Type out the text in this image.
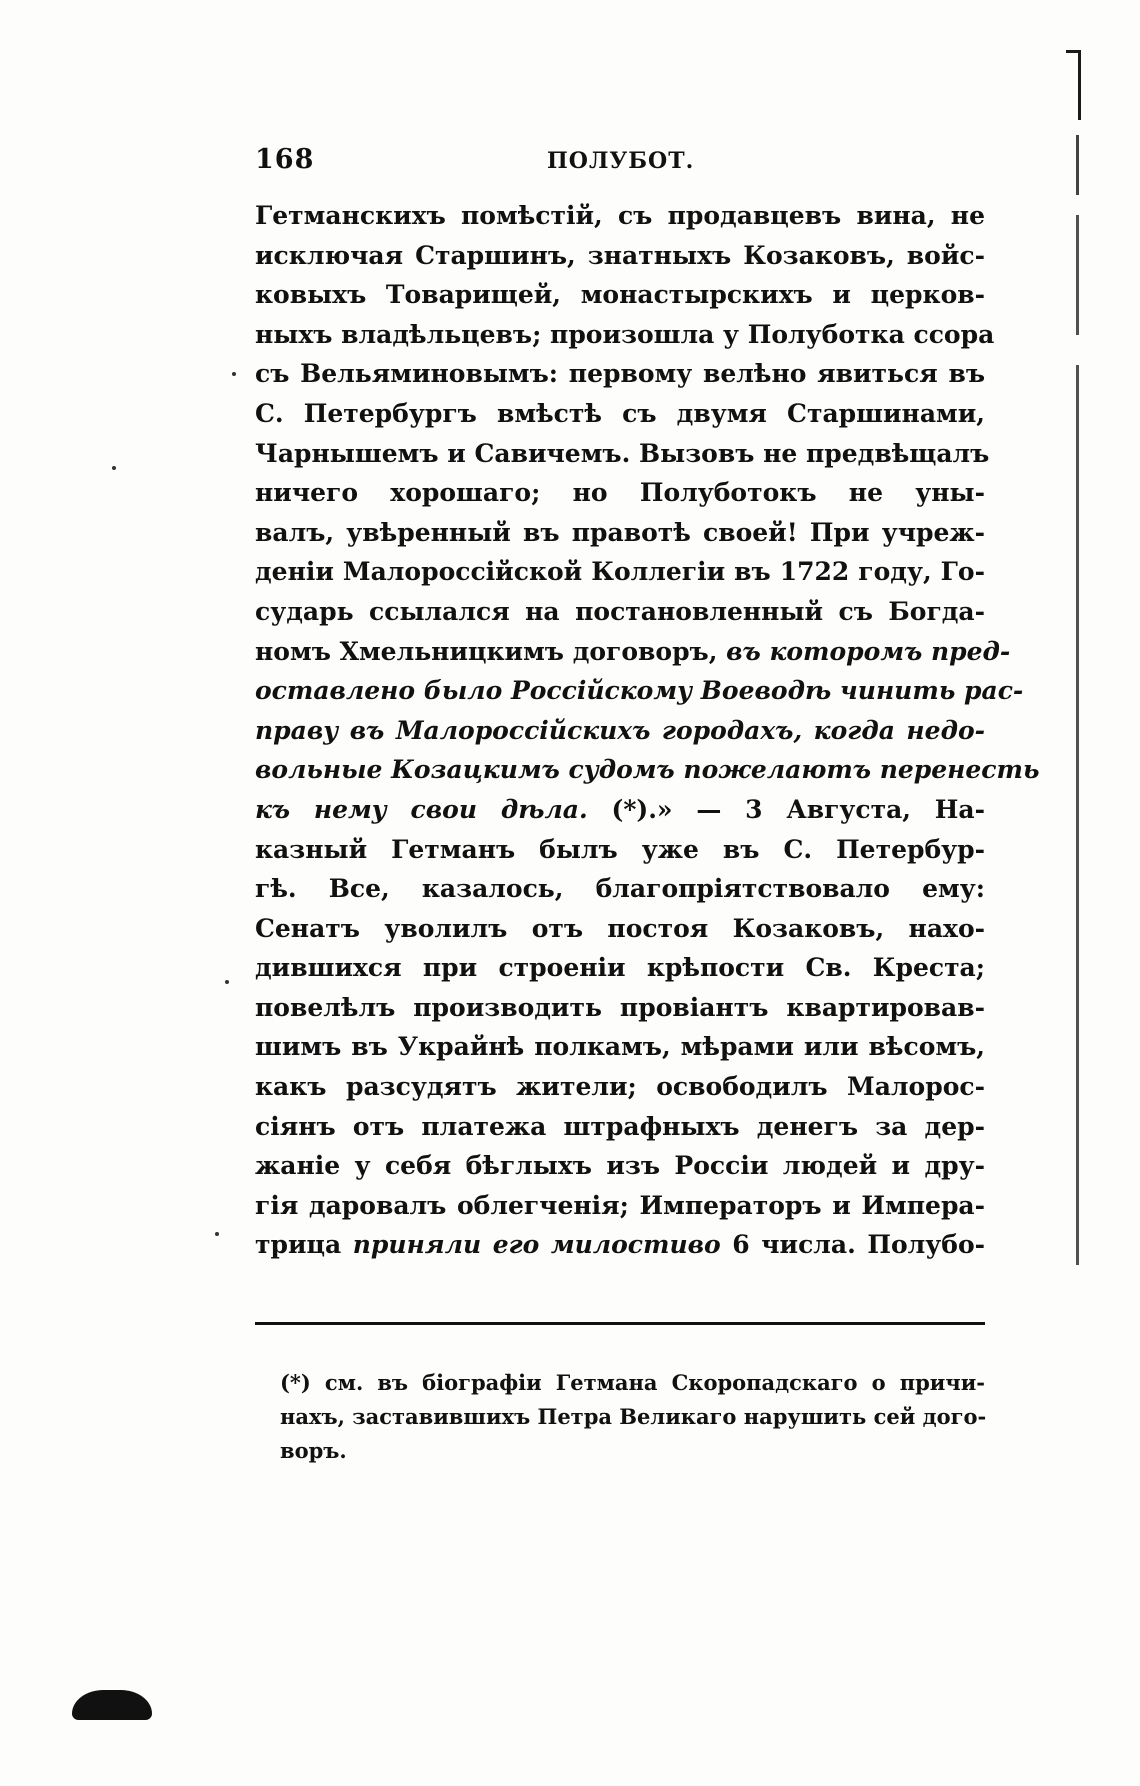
168	ПОЛУБОТ.
Гетманскихъ помѣстій, съ продавцевъ вина, не
исключая Старшинъ, знатныхъ Козаковъ, войс-
ковыхъ Товарищей, монастырскихъ и церков-
ныхъ владѣльцевъ; произошла у Полуботка ссора
съ Вельяминовымъ: первому велѣно явиться въ
С. Петербургъ вмѣстѣ съ двумя Старшинами,
Чарнышемъ и Савичемъ. Вызовъ не предвѣщалъ
ничего хорошаго; но Полуботокъ не уны-
валъ, увѣренный въ правотѣ своей! При учреж-
деніи Малороссійской Коллегіи въ 1722 году, Го-
сударь ссылался на постановленный съ Богда-
номъ Хмельницкимъ договоръ, въ которомъ пред-
оставлено было Россійскому Воеводѣ чинить рас-
праву въ Малороссійскихъ городахъ, когда недо-
вольные Козацкимъ судомъ пожелаютъ перенесть
къ нему свои дѣла. (*).» — 3 Августа, На-
казный Гетманъ былъ уже въ С. Петербур-
гѣ. Все, казалось, благопріятствовало ему:
Сенатъ уволилъ отъ постоя Козаковъ, нахо-
дившихся при строеніи крѣпости Св. Креста;
повелѣлъ производить провіантъ квартировав-
шимъ въ Украйнѣ полкамъ, мѣрами или вѣсомъ,
какъ разсудятъ жители; освободилъ Малорос-
сіянъ отъ платежа штрафныхъ денегъ за дер-
жаніе у себя бѣглыхъ изъ Россіи людей и дру-
гія даровалъ облегченія; Императоръ и Импера-
трица приняли его милостиво 6 числа. Полубо-
(*) см. въ біографіи Гетмана Скоропадскаго о причи-
нахъ, заставившихъ Петра Великаго нарушить сей дого-
воръ.
